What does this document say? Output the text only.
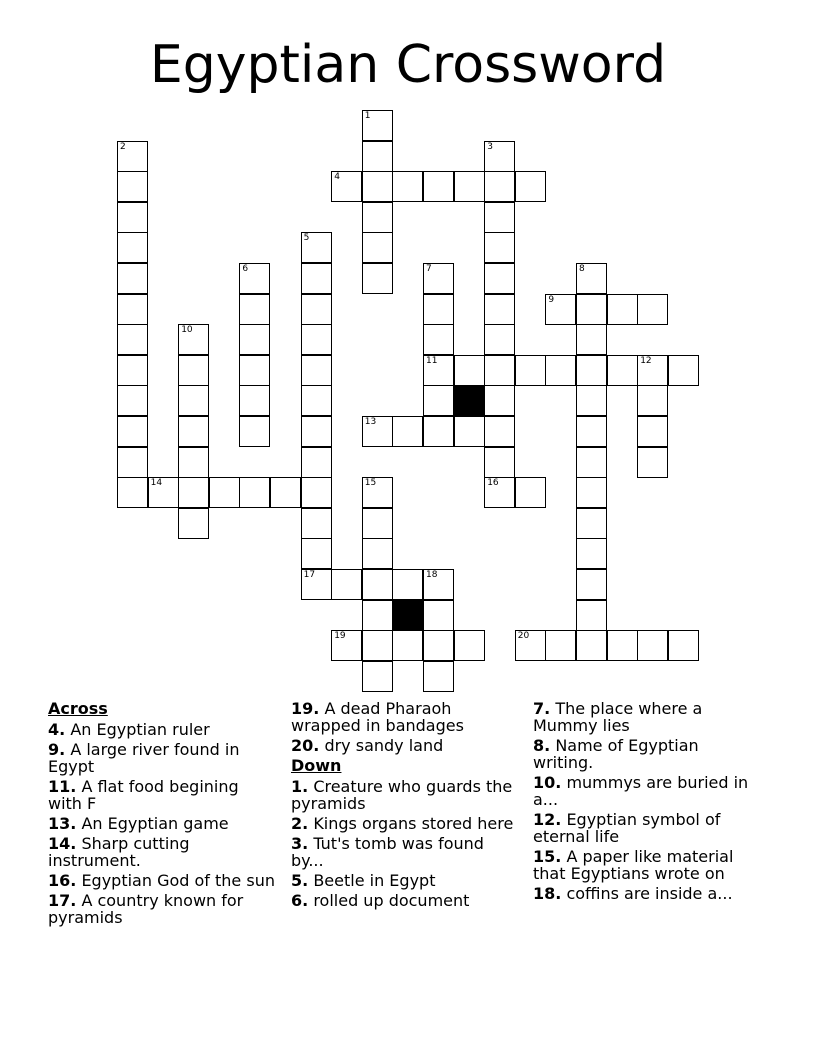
Egyptian Crossword
4
9
11	12
13
14	16
17	18
19	20
1
2	3
5
6	7	8
10
15
Across
4. An Egyptian ruler
9. A large river found in Egypt
11. A flat food begining with F
13. An Egyptian game
14. Sharp cutting instrument.
16. Egyptian God of the sun
17. A country known for pyramids
19. A dead Pharaoh wrapped in bandages
20. dry sandy land
Down
1. Creature who guards the pyramids
2. Kings organs stored here
3. Tut's tomb was found by...
5. Beetle in Egypt
6. rolled up document
7. The place where a Mummy lies
8. Name of Egyptian writing.
10. mummys are buried in a...
12. Egyptian symbol of eternal life
15. A paper like material that Egyptians wrote on
18. coffins are inside a...
